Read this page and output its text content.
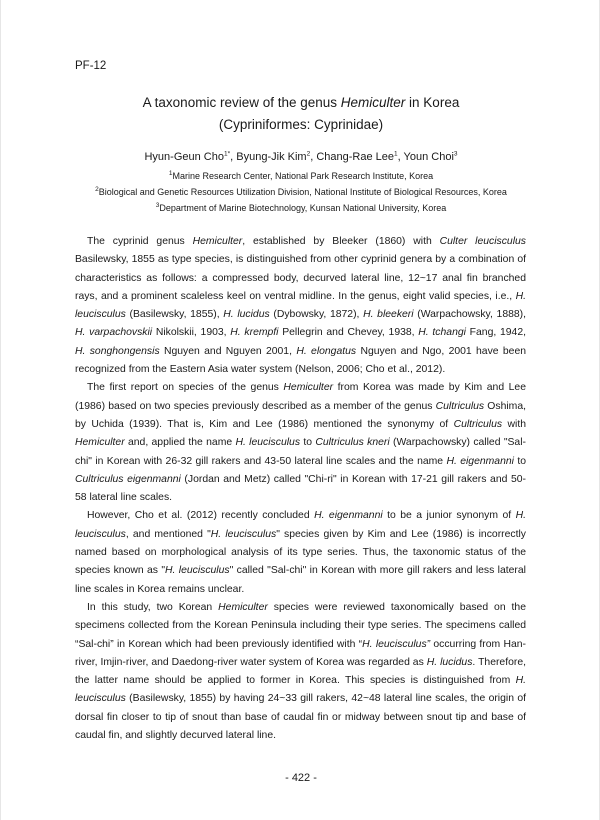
PF-12
A taxonomic review of the genus Hemiculter in Korea
(Cypriniformes: Cyprinidae)
Hyun-Geun Cho$^{1*}$, Byung-Jik Kim$^2$, Chang-Rae Lee$^1$, Youn Choi$^3$
$^1$Marine Research Center, National Park Research Institute, Korea
$^2$Biological and Genetic Resources Utilization Division, National Institute of Biological Resources, Korea
$^3$Department of Marine Biotechnology, Kunsan National University, Korea

The cyprinid genus Hemiculter, established by Bleeker (1860) with Culter leucisculus Basilewsky, 1855 as type species, is distinguished from other cyprinid genera by a combination of characteristics as follows: a compressed body, decurved lateral line, 12~17 anal fin branched rays, and a prominent scaleless keel on ventral midline. In the genus, eight valid species, i.e., H. leucisculus (Basilewsky, 1855), H. lucidus (Dybowsky, 1872), H. bleekeri (Warpachowsky, 1888), H. varpachovskii Nikolskii, 1903, H. krempfi Pellegrin and Chevey, 1938, H. tchangi Fang, 1942, H. songhongensis Nguyen and Nguyen 2001, H. elongatus Nguyen and Ngo, 2001 have been recognized from the Eastern Asia water system (Nelson, 2006; Cho et al., 2012).

The first report on species of the genus Hemiculter from Korea was made by Kim and Lee (1986) based on two species previously described as a member of the genus Cultriculus Oshima, by Uchida (1939). That is, Kim and Lee (1986) mentioned the synonymy of Cultriculus with Hemiculter and, applied the name H. leucisculus to Cultriculus kneri (Warpachowsky) called "Sal-chi" in Korean with 26-32 gill rakers and 43-50 lateral line scales and the name H. eigenmanni to Cultriculus eigenmanni (Jordan and Metz) called "Chi-ri" in Korean with 17-21 gill rakers and 50-58 lateral line scales.

However, Cho et al. (2012) recently concluded H. eigenmanni to be a junior synonym of H. leucisculus, and mentioned "H. leucisculus" species given by Kim and Lee (1986) is incorrectly named based on morphological analysis of its type series. Thus, the taxonomic status of the species known as "H. leucisculus" called "Sal-chi" in Korean with more gill rakers and less lateral line scales in Korea remains unclear.

In this study, two Korean Hemiculter species were reviewed taxonomically based on the specimens collected from the Korean Peninsula including their type series. The specimens called “Sal-chi” in Korean which had been previously identified with “H. leucisculus” occurring from Han-river, Imjin-river, and Daedong-river water system of Korea was regarded as H. lucidus. Therefore, the latter name should be applied to former in Korea. This species is distinguished from H. leucisculus (Basilewsky, 1855) by having 24~33 gill rakers, 42~48 lateral line scales, the origin of dorsal fin closer to tip of snout than base of caudal fin or midway between snout tip and base of caudal fin, and slightly decurved lateral line.

- 422 -
